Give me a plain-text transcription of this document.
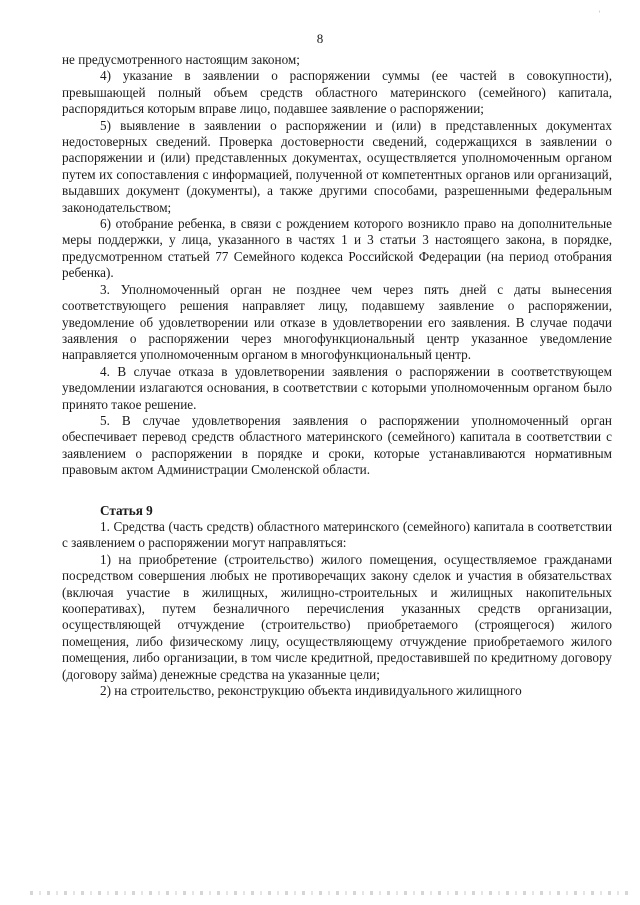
ʿ
8

не предусмотренного настоящим законом;

4) указание в заявлении о распоряжении суммы (ее частей в совокупности), превышающей полный объем средств областного материнского (семейного) капитала, распорядиться которым вправе лицо, подавшее заявление о распоряжении;

5) выявление в заявлении о распоряжении и (или) в представленных документах недостоверных сведений. Проверка достоверности сведений, содержащихся в заявлении о распоряжении и (или) представленных документах, осуществляется уполномоченным органом путем их сопоставления с информацией, полученной от компетентных органов или организаций, выдавших документ (документы), а также другими способами, разрешенными федеральным законодательством;

6) отобрание ребенка, в связи с рождением которого возникло право на дополнительные меры поддержки, у лица, указанного в частях 1 и 3 статьи 3 настоящего закона, в порядке, предусмотренном статьей 77 Семейного кодекса Российской Федерации (на период отобрания ребенка).

3. Уполномоченный орган не позднее чем через пять дней с даты вынесения соответствующего решения направляет лицу, подавшему заявление о распоряжении, уведомление об удовлетворении или отказе в удовлетворении его заявления. В случае подачи заявления о распоряжении через многофункциональный центр указанное уведомление направляется уполномоченным органом в многофункциональный центр.

4. В случае отказа в удовлетворении заявления о распоряжении в соответствующем уведомлении излагаются основания, в соответствии с которыми уполномоченным органом было принято такое решение.

5. В случае удовлетворения заявления о распоряжении уполномоченный орган обеспечивает перевод средств областного материнского (семейного) капитала в соответствии с заявлением о распоряжении в порядке и сроки, которые устанавливаются нормативным правовым актом Администрации Смоленской области.

Статья 9

1. Средства (часть средств) областного материнского (семейного) капитала в соответствии с заявлением о распоряжении могут направляться:

1) на приобретение (строительство) жилого помещения, осуществляемое гражданами посредством совершения любых не противоречащих закону сделок и участия в обязательствах (включая участие в жилищных, жилищно-строительных и жилищных накопительных кооперативах), путем безналичного перечисления указанных средств организации, осуществляющей отчуждение (строительство) приобретаемого (строящегося) жилого помещения, либо физическому лицу, осуществляющему отчуждение приобретаемого жилого помещения, либо организации, в том числе кредитной, предоставившей по кредитному договору (договору займа) денежные средства на указанные цели;

2) на строительство, реконструкцию объекта индивидуального жилищного
